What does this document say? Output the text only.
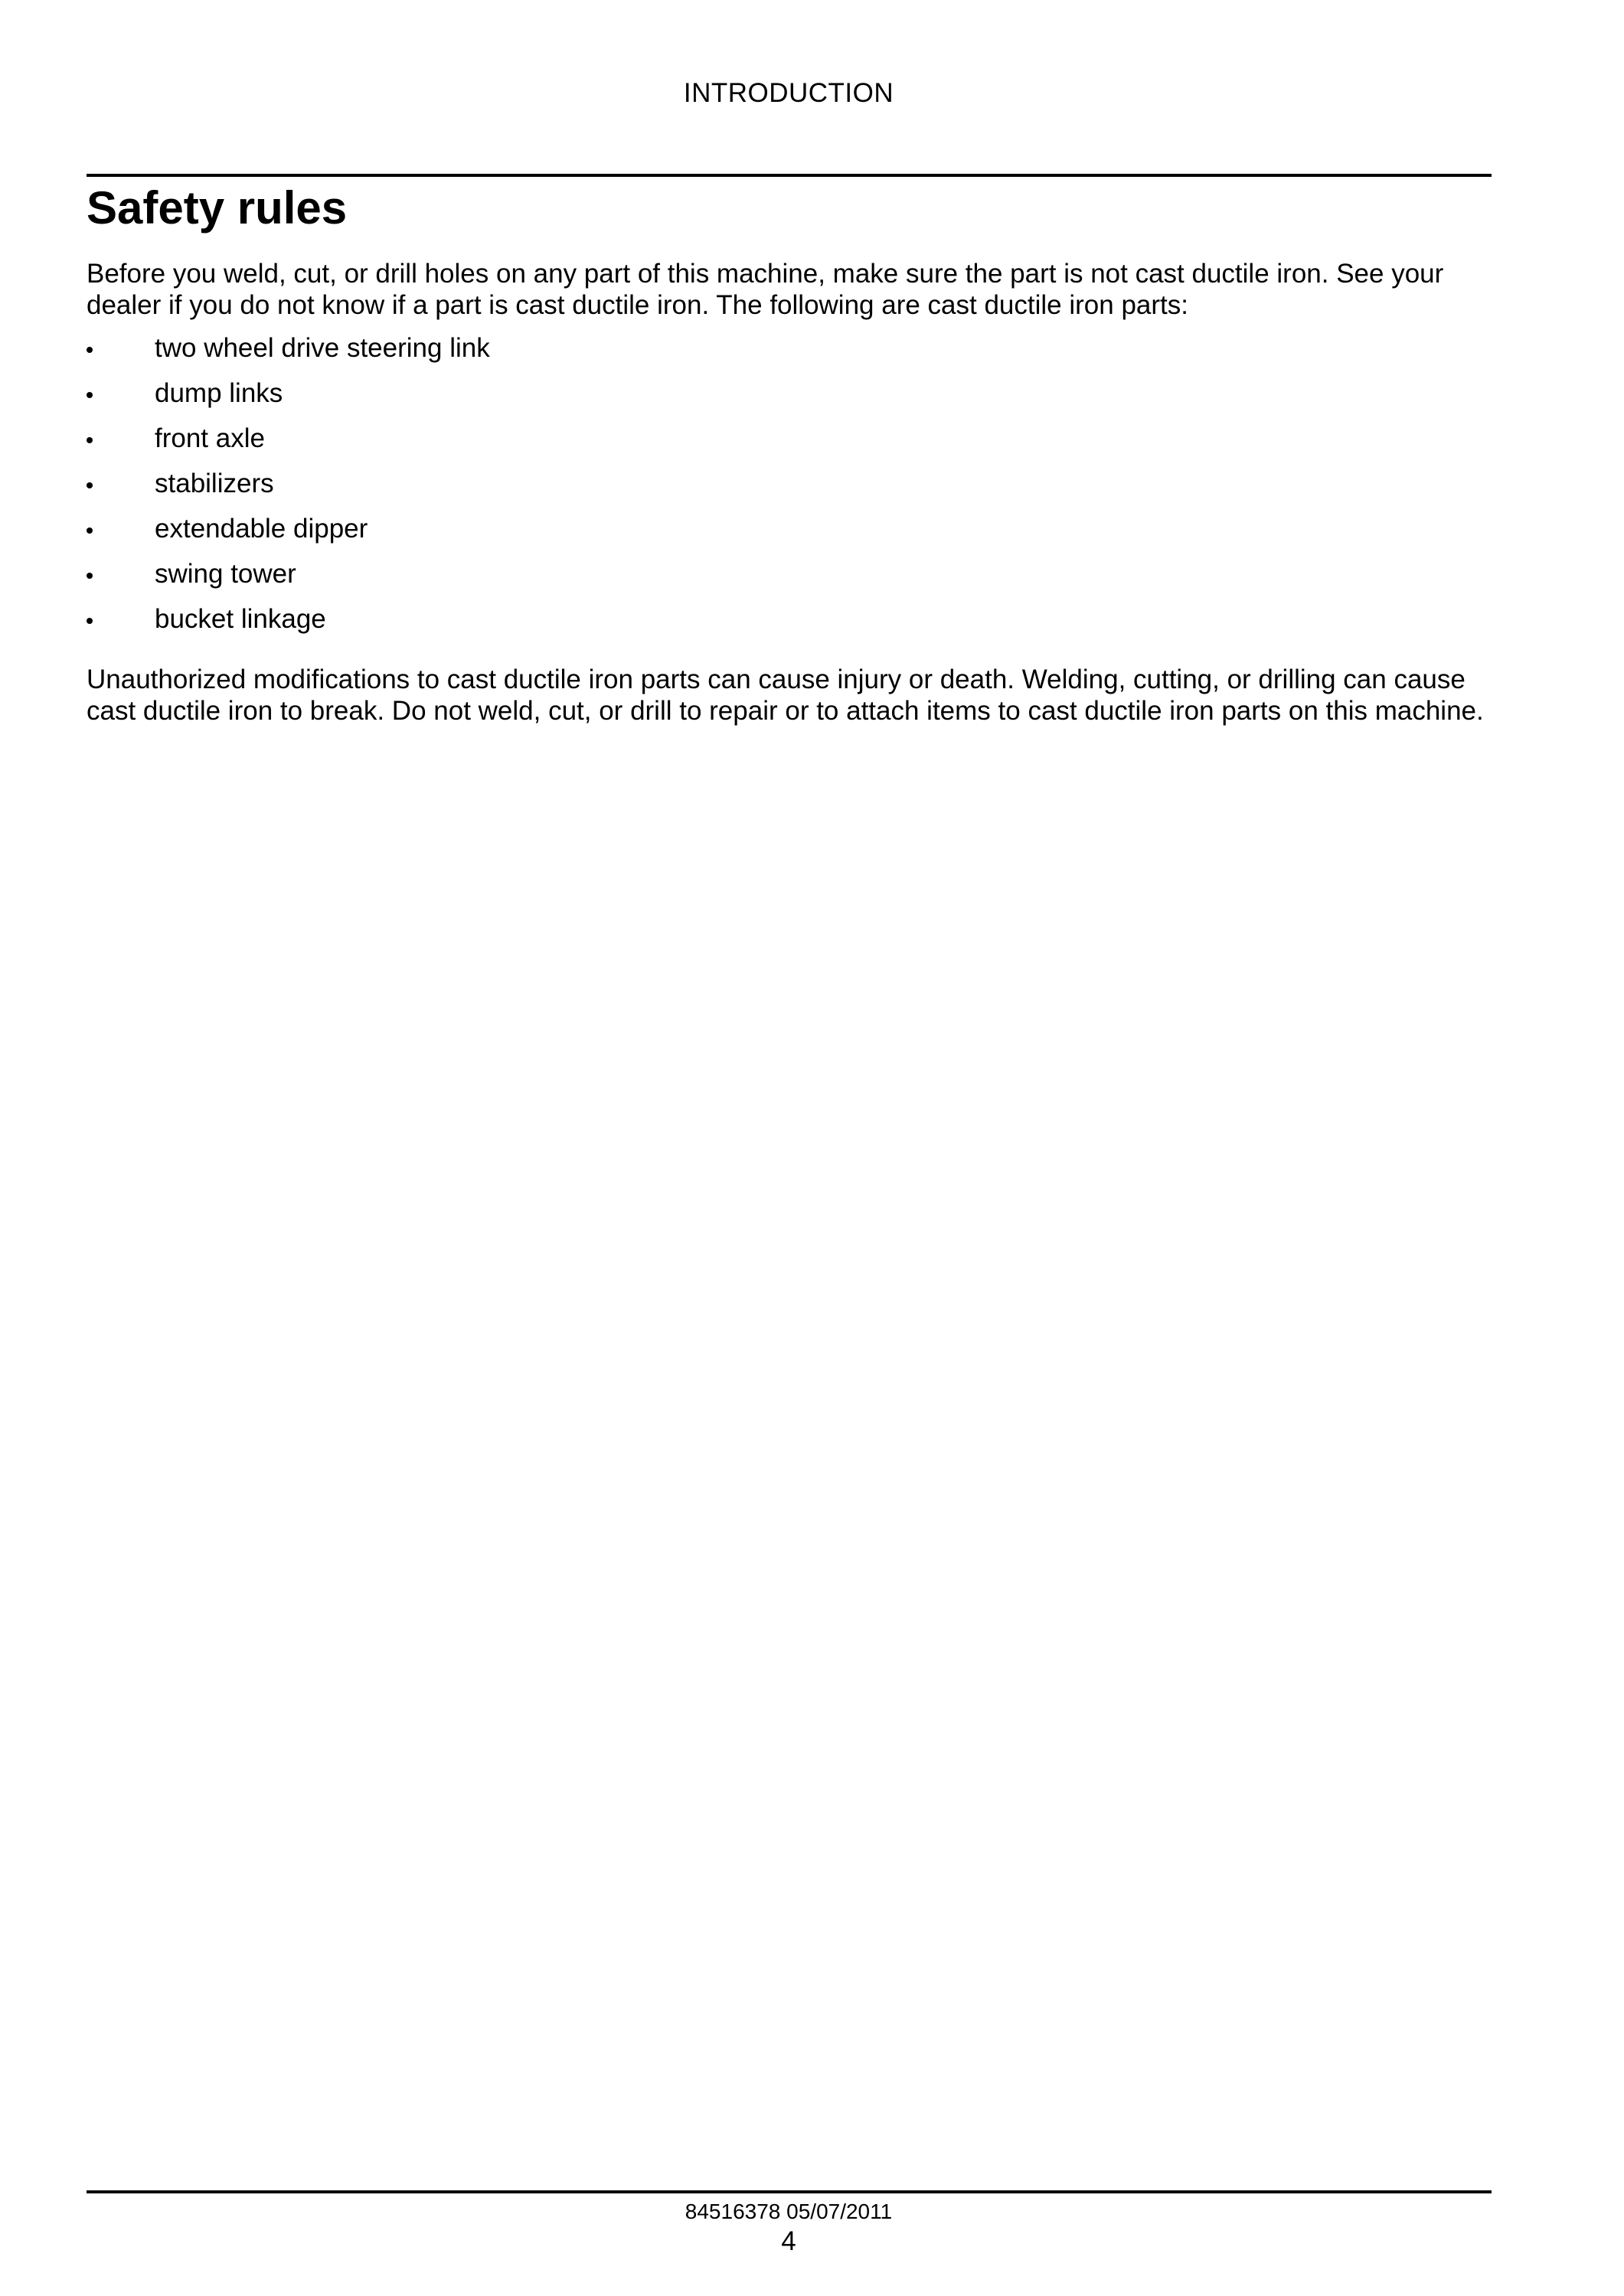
INTRODUCTION
Safety rules

Before you weld, cut, or drill holes on any part of this machine, make sure the part is not cast ductile iron. See your dealer if you do not know if a part is cast ductile iron. The following are cast ductile iron parts:

two wheel drive steering link
dump links
front axle
stabilizers
extendable dipper
swing tower
bucket linkage

Unauthorized modifications to cast ductile iron parts can cause injury or death. Welding, cutting, or drilling can cause cast ductile iron to break. Do not weld, cut, or drill to repair or to attach items to cast ductile iron parts on this machine.

84516378 05/07/2011
4
